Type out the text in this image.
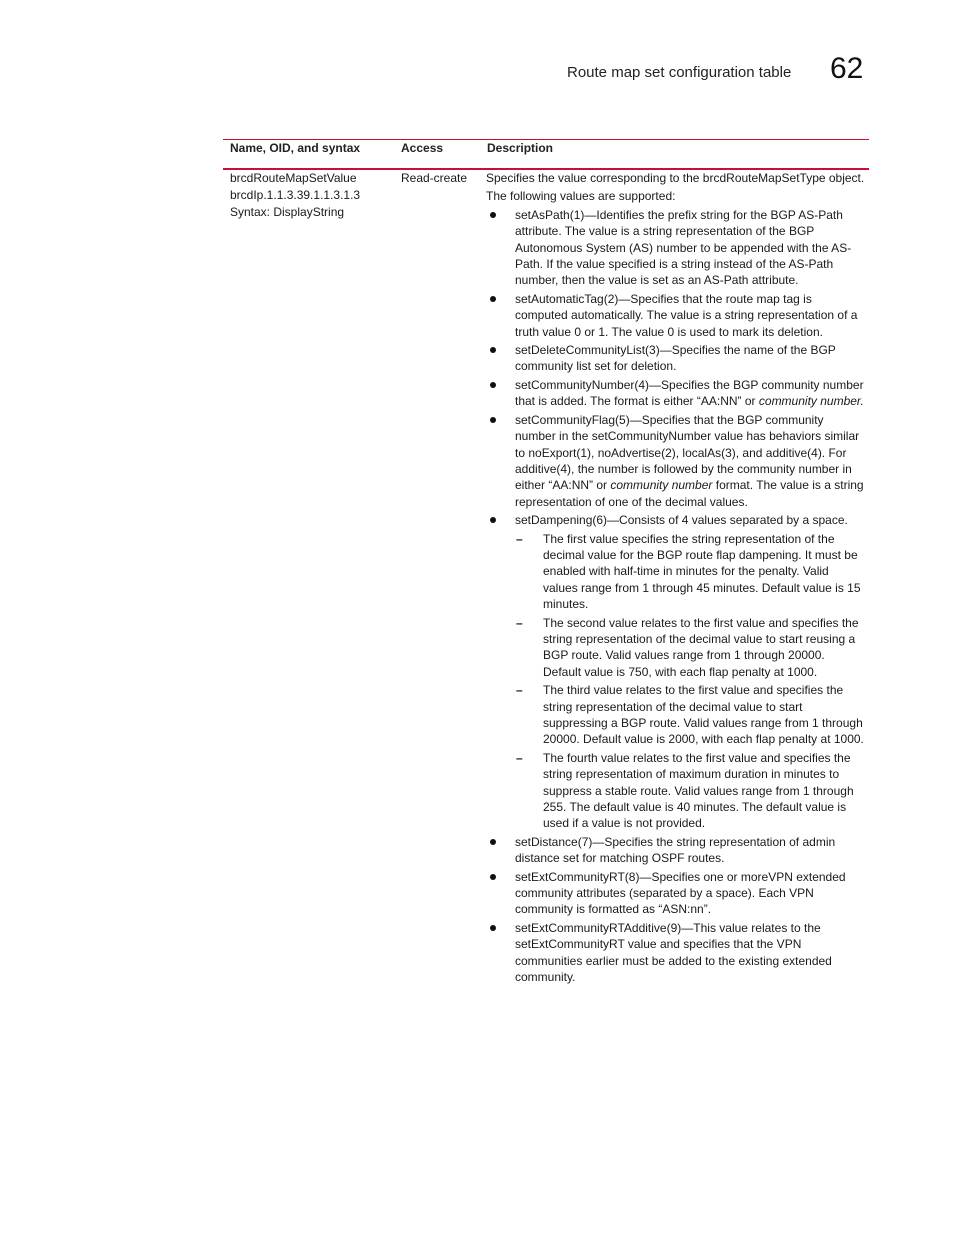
Route map set configuration table 62
Name, OID, and syntax	Access	Description
brcdRouteMapSetValue
brcdIp.1.1.3.39.1.1.3.1.3
Syntax: DisplayString
Read-create Specifies the value corresponding to the brcdRouteMapSetType object.

The following values are supported:

setAsPath(1)—Identifies the prefix string for the BGP AS-Path attribute. The value is a string representation of the BGP Autonomous System (AS) number to be appended with the AS-Path. If the value specified is a string instead of the AS-Path number, then the value is set as an AS-Path attribute.
setAutomaticTag(2)—Specifies that the route map tag is computed automatically. The value is a string representation of a truth value 0 or 1. The value 0 is used to mark its deletion.
setDeleteCommunityList(3)—Specifies the name of the BGP community list set for deletion.
setCommunityNumber(4)—Specifies the BGP community number that is added. The format is either “AA:NN” or community number.
setCommunityFlag(5)—Specifies that the BGP community number in the setCommunityNumber value has behaviors similar to noExport(1), noAdvertise(2), localAs(3), and additive(4). For additive(4), the number is followed by the community number in either “AA:NN” or community number format. The value is a string representation of one of the decimal values.
setDampening(6)—Consists of 4 values separated by a space.
– The first value specifies the string representation of the decimal value for the BGP route flap dampening. It must be enabled with half-time in minutes for the penalty. Valid values range from 1 through 45 minutes. Default value is 15 minutes.
– The second value relates to the first value and specifies the string representation of the decimal value to start reusing a BGP route. Valid values range from 1 through 20000. Default value is 750, with each flap penalty at 1000.
– The third value relates to the first value and specifies the string representation of the decimal value to start suppressing a BGP route. Valid values range from 1 through 20000. Default value is 2000, with each flap penalty at 1000.
– The fourth value relates to the first value and specifies the string representation of maximum duration in minutes to suppress a stable route. Valid values range from 1 through 255. The default value is 40 minutes. The default value is used if a value is not provided.
setDistance(7)—Specifies the string representation of admin distance set for matching OSPF routes.
setExtCommunityRT(8)—Specifies one or moreVPN extended community attributes (separated by a space). Each VPN community is formatted as “ASN:nn”.
setExtCommunityRTAdditive(9)—This value relates to the setExtCommunityRT value and specifies that the VPN communities earlier must be added to the existing extended community.
